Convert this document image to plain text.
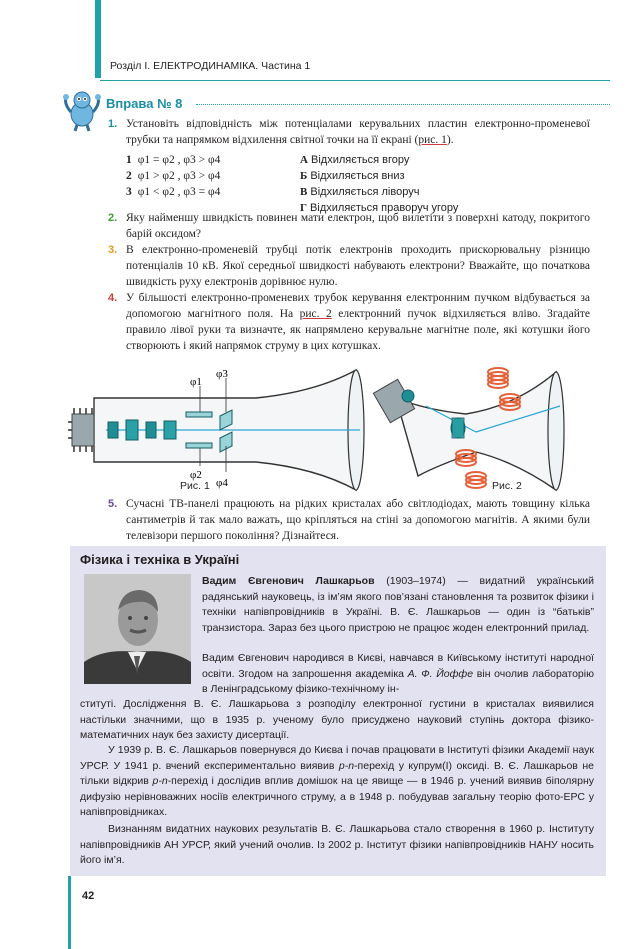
Розділ І. ЕЛЕКТРОДИНАМІКА. Частина 1
Вправа № 8
1. Установіть відповідність між потенціалами керувальних пластин електронно-променевої трубки та напрямком відхилення світної точки на її екрані (рис. 1).
1 φ1 = φ2 , φ3 > φ4
2 φ1 > φ2 , φ3 > φ4
3 φ1 < φ2 , φ3 = φ4
А Відхиляється вгору
Б Відхиляється вниз
В Відхиляється ліворуч
Г Відхиляється праворуч угору
2. Яку найменшу швидкість повинен мати електрон, щоб вилетіти з поверхні катоду, покритого барій оксидом?
3. В електронно-променевій трубці потік електронів проходить прискорювальну різницю потенціалів 10 кВ. Якої середньої швидкості набувають електрони? Вважайте, що початкова швидкість руху електронів дорівнює нулю.
4. У більшості електронно-променевих трубок керування електронним пучком відбувається за допомогою магнітного поля. На рис. 2 електронний пучок відхиляється вліво. Згадайте правило лівої руки та визначте, як напрямлено керувальне магнітне поле, які котушки його створюють і який напрямок струму в цих котушках.
φ1
φ3
φ2
φ4
Рис. 1	Рис. 2
5. Сучасні ТВ-панелі працюють на рідких кристалах або світлодіодах, мають товщину кілька сантиметрів й так мало важать, що кріпляться на стіні за допомогою магнітів. А якими були телевізори першого покоління? Дізнайтеся.
Фізика і техніка в Україні
Вадим Євгенович Лашкарьов (1903–1974) — видатний український радянський науковець, із ім’ям якого пов’язані становлення та розвиток фізики і техніки напівпровідників в Україні. В. Є. Лашкарьов — один із “батьків” транзистора. Зараз без цього пристрою не працює жоден електронний прилад.
Вадим Євгенович народився в Києві, навчався в Київському інституті народної освіти. Згодом на запрошення академіка А. Ф. Йоффе він очолив лабораторію в Ленінградському фізико-технічному ін-
ституті. Дослідження В. Є. Лашкарьова з розподілу електронної густини в кристалах виявилися настільки значними, що в 1935 р. ученому було присуджено науковий ступінь доктора фізико-математичних наук без захисту дисертації.
У 1939 р. В. Є. Лашкарьов повернувся до Києва і почав працювати в Інституті фізики Академії наук УРСР. У 1941 р. вчений експериментально виявив p-n-перехід у купрум(І) оксиді. В. Є. Лашкарьов не тільки відкрив p-n-перехід і дослідив вплив домішок на це явище — в 1946 р. учений виявив біполярну дифузію нерівноважних носіїв електричного струму, а в 1948 р. побудував загальну теорію фото-ЕРС у напівпровідниках.
Визнанням видатних наукових результатів В. Є. Лашкарьова стало створення в 1960 р. Інституту напівпровідників АН УРСР, який учений очолив. Із 2002 р. Інститут фізики напівпровідників НАНУ носить його ім’я.
42
